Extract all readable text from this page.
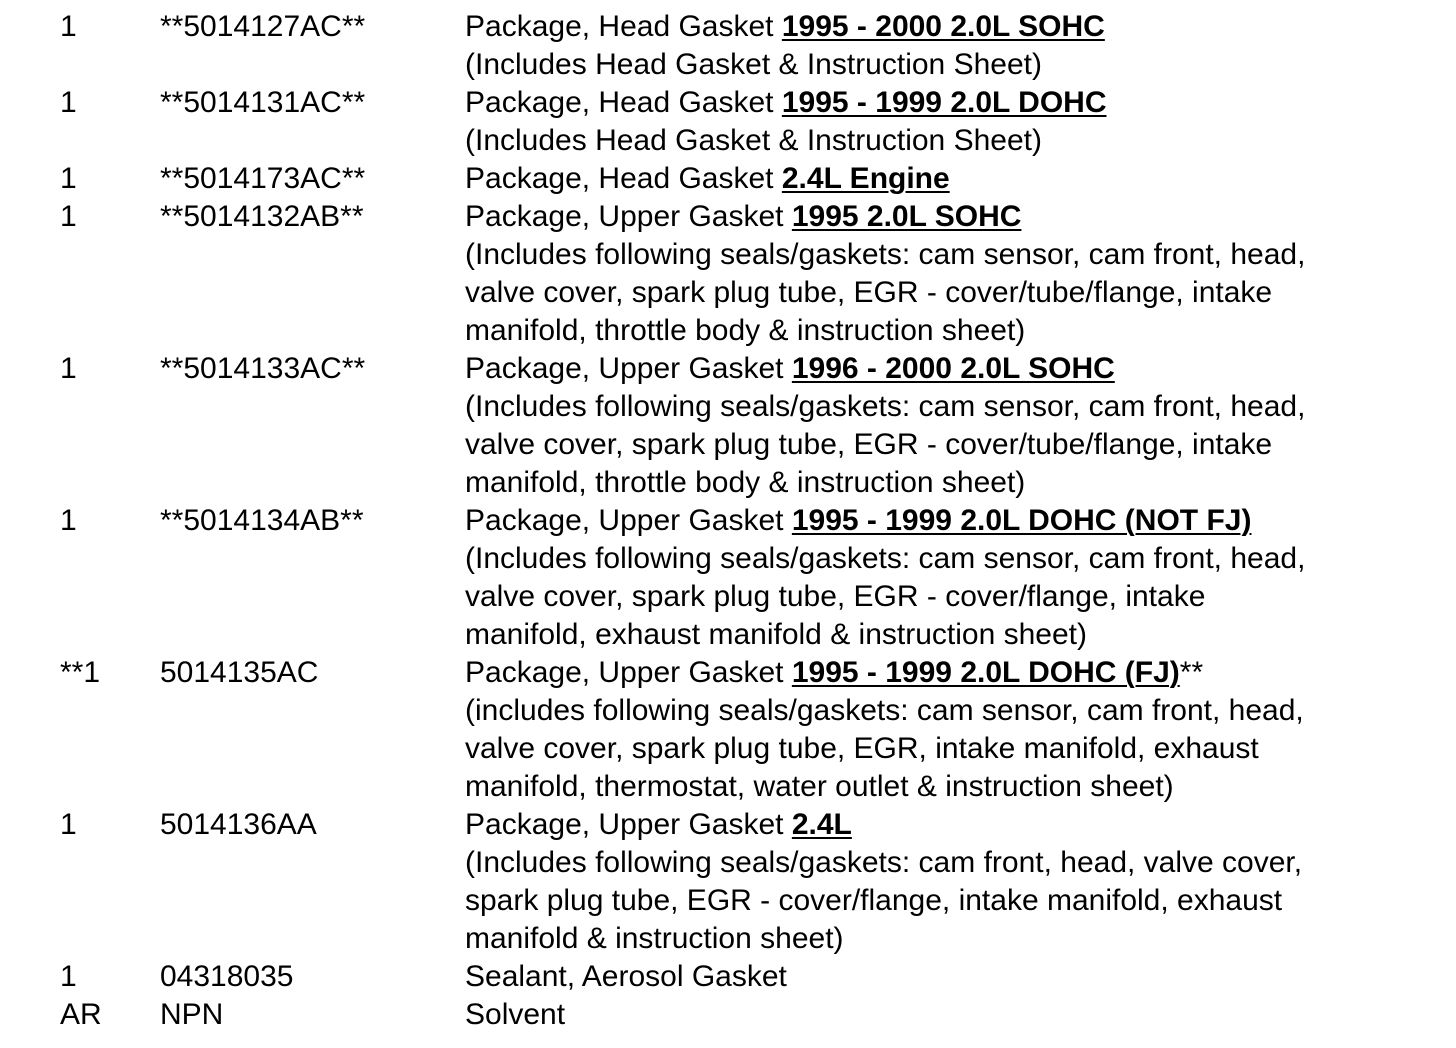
1	**5014127AC**	Package, Head Gasket 1995 - 2000 2.0L SOHC
(Includes Head Gasket & Instruction Sheet)
1	**5014131AC**	Package, Head Gasket 1995 - 1999 2.0L DOHC
(Includes Head Gasket & Instruction Sheet)
1	**5014173AC**	Package, Head Gasket 2.4L Engine
1	**5014132AB**	Package, Upper Gasket 1995 2.0L SOHC
(Includes following seals/gaskets: cam sensor, cam front, head,
valve cover, spark plug tube, EGR - cover/tube/flange, intake
manifold, throttle body & instruction sheet)
1	**5014133AC**	Package, Upper Gasket 1996 - 2000 2.0L SOHC
(Includes following seals/gaskets: cam sensor, cam front, head,
valve cover, spark plug tube, EGR - cover/tube/flange, intake
manifold, throttle body & instruction sheet)
1	**5014134AB**	Package, Upper Gasket 1995 - 1999 2.0L DOHC (NOT FJ)
(Includes following seals/gaskets: cam sensor, cam front, head,
valve cover, spark plug tube, EGR - cover/flange, intake
manifold, exhaust manifold & instruction sheet)
**1 5014135AC	Package, Upper Gasket 1995 - 1999 2.0L DOHC (FJ)**
(includes following seals/gaskets: cam sensor, cam front, head,
valve cover, spark plug tube, EGR, intake manifold, exhaust
manifold, thermostat, water outlet & instruction sheet)
1	5014136AA	Package, Upper Gasket 2.4L
(Includes following seals/gaskets: cam front, head, valve cover,
spark plug tube, EGR - cover/flange, intake manifold, exhaust
manifold & instruction sheet)
1	04318035	Sealant, Aerosol Gasket
AR NPN	Solvent
